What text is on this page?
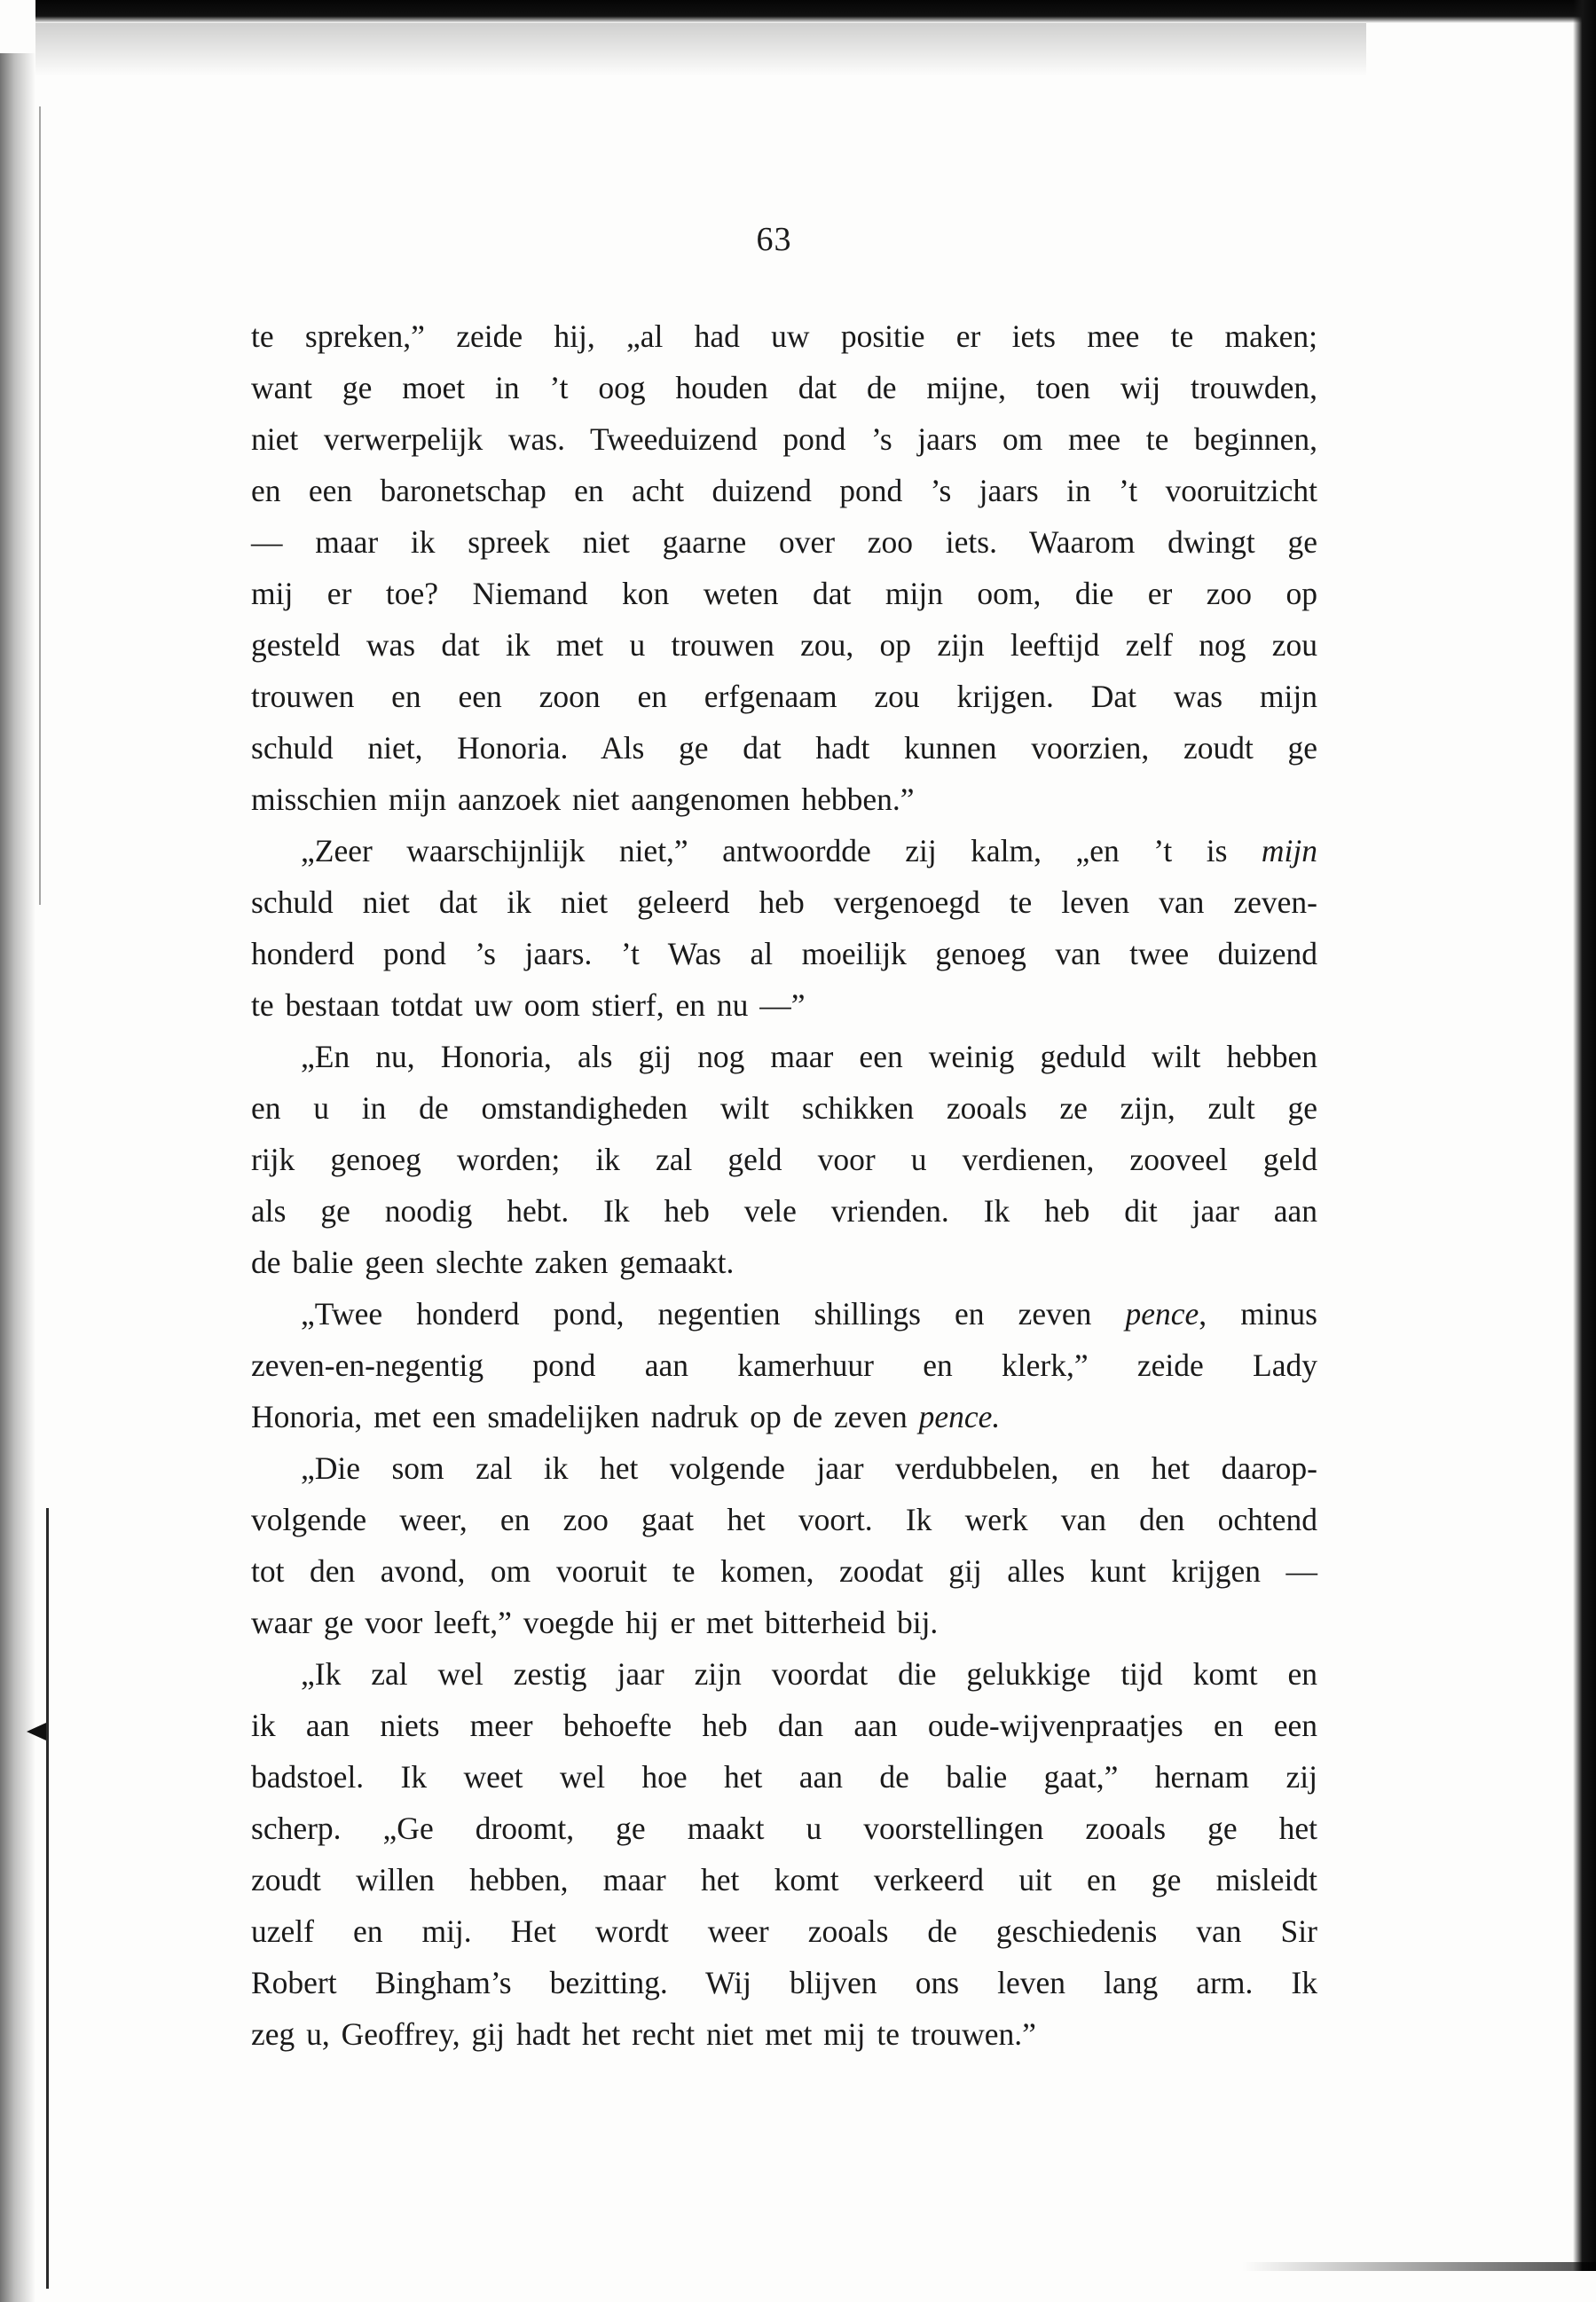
63
te spreken,” zeide hij, „al had uw positie er iets mee te maken;
want ge moet in ’t oog houden dat de mijne, toen wij trouwden,
niet verwerpelijk was. Tweeduizend pond ’s jaars om mee te beginnen,
en een baronetschap en acht duizend pond ’s jaars in ’t vooruitzicht
— maar ik spreek niet gaarne over zoo iets. Waarom dwingt ge
mij er toe? Niemand kon weten dat mijn oom, die er zoo op
gesteld was dat ik met u trouwen zou, op zijn leeftijd zelf nog zou
trouwen en een zoon en erfgenaam zou krijgen. Dat was mijn
schuld niet, Honoria. Als ge dat hadt kunnen voorzien, zoudt ge
misschien mijn aanzoek niet aangenomen hebben.”
„Zeer waarschijnlijk niet,” antwoordde zij kalm, „en ’t is mijn
schuld niet dat ik niet geleerd heb vergenoegd te leven van zeven-
honderd pond ’s jaars. ’t Was al moeilijk genoeg van twee duizend
te bestaan totdat uw oom stierf, en nu —”
„En nu, Honoria, als gij nog maar een weinig geduld wilt hebben
en u in de omstandigheden wilt schikken zooals ze zijn, zult ge
rijk genoeg worden; ik zal geld voor u verdienen, zooveel geld
als ge noodig hebt. Ik heb vele vrienden. Ik heb dit jaar aan
de balie geen slechte zaken gemaakt.
„Twee honderd pond, negentien shillings en zeven pence, minus
zeven-en-negentig pond aan kamerhuur en klerk,” zeide Lady
Honoria, met een smadelijken nadruk op de zeven pence.
„Die som zal ik het volgende jaar verdubbelen, en het daarop-
volgende weer, en zoo gaat het voort. Ik werk van den ochtend
tot den avond, om vooruit te komen, zoodat gij alles kunt krijgen —
waar ge voor leeft,” voegde hij er met bitterheid bij.
„Ik zal wel zestig jaar zijn voordat die gelukkige tijd komt en
ik aan niets meer behoefte heb dan aan oude-wijvenpraatjes en een
badstoel. Ik weet wel hoe het aan de balie gaat,” hernam zij
scherp. „Ge droomt, ge maakt u voorstellingen zooals ge het
zoudt willen hebben, maar het komt verkeerd uit en ge misleidt
uzelf en mij. Het wordt weer zooals de geschiedenis van Sir
Robert Bingham’s bezitting. Wij blijven ons leven lang arm. Ik
zeg u, Geoffrey, gij hadt het recht niet met mij te trouwen.”
